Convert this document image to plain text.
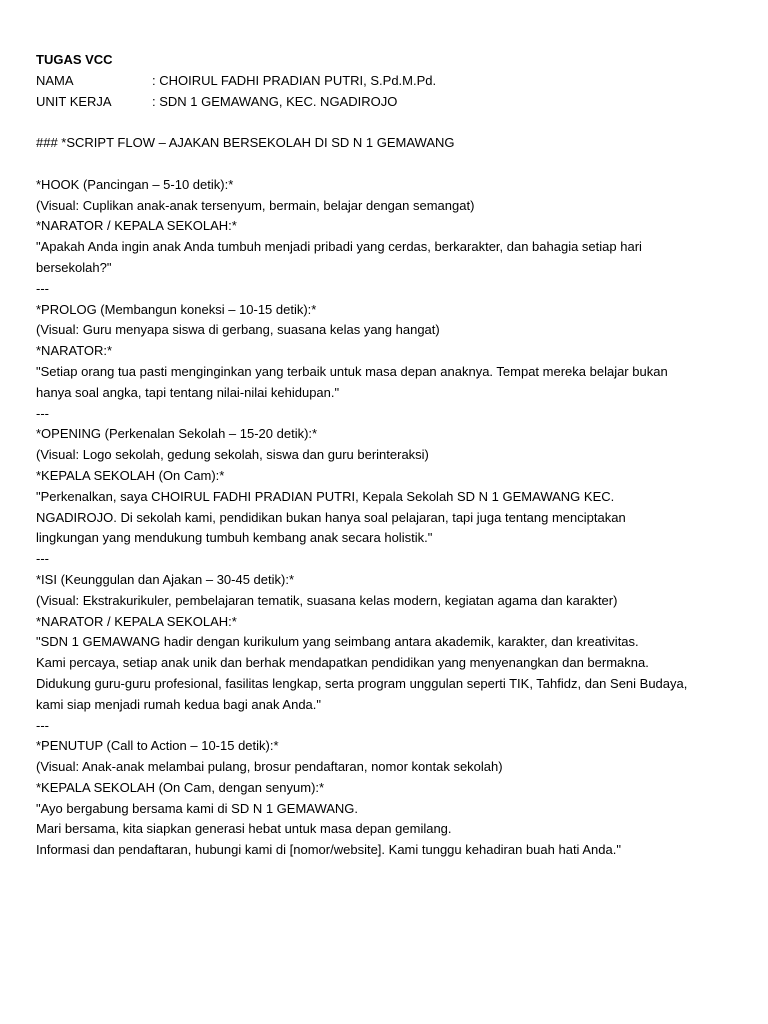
TUGAS VCC
NAMA	: CHOIRUL FADHI PRADIAN PUTRI, S.Pd.M.Pd.
UNIT KERJA	: SDN 1 GEMAWANG, KEC. NGADIROJO
### *SCRIPT FLOW – AJAKAN BERSEKOLAH DI SD N 1 GEMAWANG
*HOOK (Pancingan – 5-10 detik):*
(Visual: Cuplikan anak-anak tersenyum, bermain, belajar dengan semangat)
*NARATOR / KEPALA SEKOLAH:*
"Apakah Anda ingin anak Anda tumbuh menjadi pribadi yang cerdas, berkarakter, dan bahagia setiap hari
bersekolah?"
---
*PROLOG (Membangun koneksi – 10-15 detik):*
(Visual: Guru menyapa siswa di gerbang, suasana kelas yang hangat)
*NARATOR:*
"Setiap orang tua pasti menginginkan yang terbaik untuk masa depan anaknya. Tempat mereka belajar bukan
hanya soal angka, tapi tentang nilai-nilai kehidupan."
---
*OPENING (Perkenalan Sekolah – 15-20 detik):*
(Visual: Logo sekolah, gedung sekolah, siswa dan guru berinteraksi)
*KEPALA SEKOLAH (On Cam):*
"Perkenalkan, saya CHOIRUL FADHI PRADIAN PUTRI, Kepala Sekolah SD N 1 GEMAWANG KEC.
NGADIROJO. Di sekolah kami, pendidikan bukan hanya soal pelajaran, tapi juga tentang menciptakan
lingkungan yang mendukung tumbuh kembang anak secara holistik."
---
*ISI (Keunggulan dan Ajakan – 30-45 detik):*
(Visual: Ekstrakurikuler, pembelajaran tematik, suasana kelas modern, kegiatan agama dan karakter)
*NARATOR / KEPALA SEKOLAH:*
"SDN 1 GEMAWANG hadir dengan kurikulum yang seimbang antara akademik, karakter, dan kreativitas.
Kami percaya, setiap anak unik dan berhak mendapatkan pendidikan yang menyenangkan dan bermakna.
Didukung guru-guru profesional, fasilitas lengkap, serta program unggulan seperti TIK, Tahfidz, dan Seni Budaya,
kami siap menjadi rumah kedua bagi anak Anda."
---
*PENUTUP (Call to Action – 10-15 detik):*
(Visual: Anak-anak melambai pulang, brosur pendaftaran, nomor kontak sekolah)
*KEPALA SEKOLAH (On Cam, dengan senyum):*
"Ayo bergabung bersama kami di SD N 1 GEMAWANG.
Mari bersama, kita siapkan generasi hebat untuk masa depan gemilang.
Informasi dan pendaftaran, hubungi kami di [nomor/website]. Kami tunggu kehadiran buah hati Anda."
